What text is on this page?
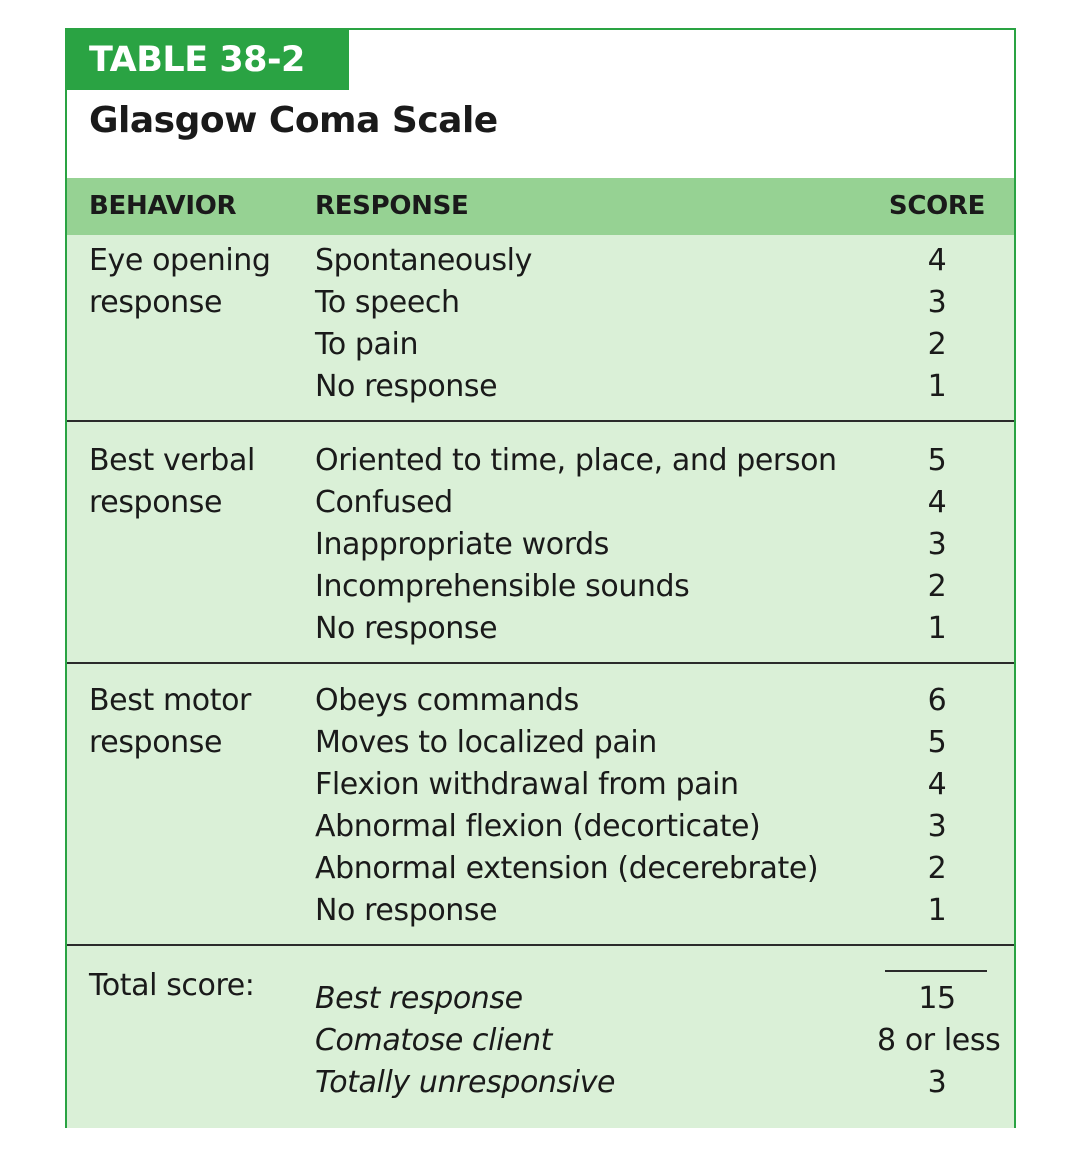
TABLE 38-2
Glasgow Coma Scale
BEHAVIOR	RESPONSE	SCORE
Eye opening
response
Spontaneously
To speech
To pain
No response
4
3
2
1
Best verbal
response
Oriented to time, place, and person
Confused
Inappropriate words
Incomprehensible sounds
No response
5
4
3
2
1
Best motor
response
Obeys commands
Moves to localized pain
Flexion withdrawal from pain
Abnormal flexion (decorticate)
Abnormal extension (decerebrate)
No response
6
5
4
3
2
1
Total score: Best response
Comatose client
Totally unresponsive
15
8 or less
3
